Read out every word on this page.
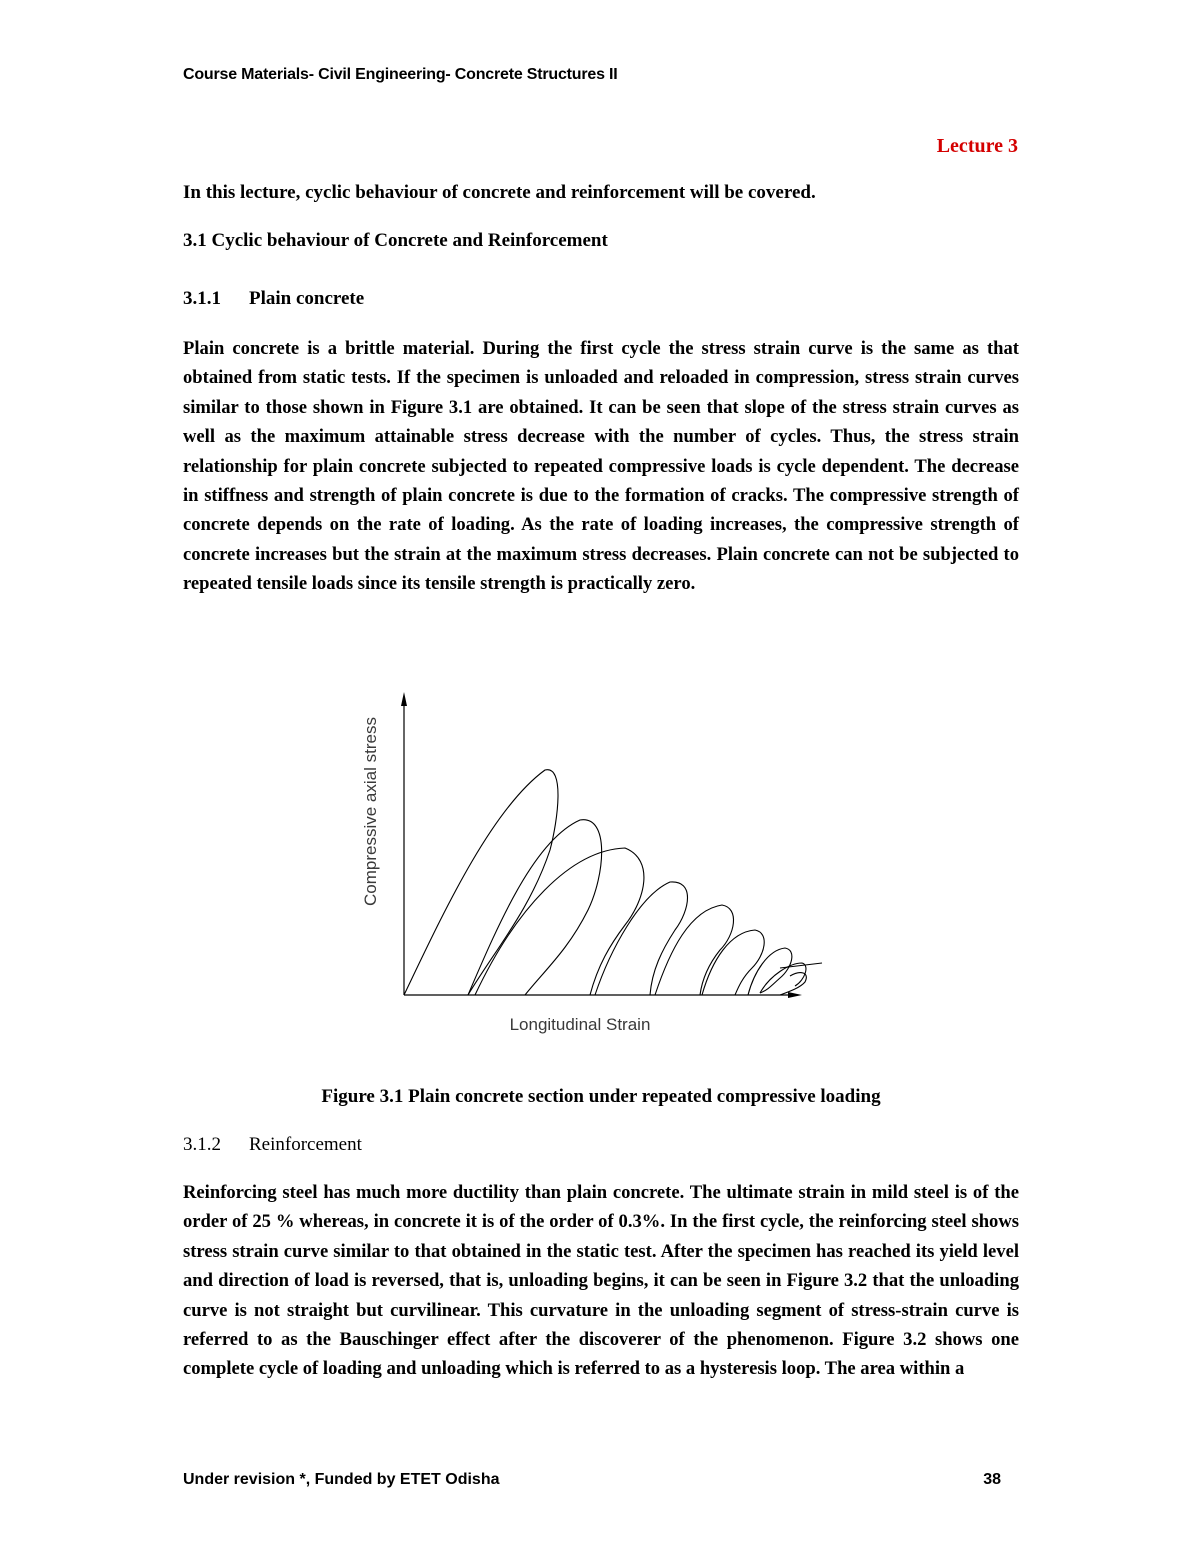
Course Materials- Civil Engineering- Concrete Structures II
Lecture 3
In this lecture, cyclic behaviour of concrete and reinforcement will be covered.
3.1 Cyclic behaviour of Concrete and Reinforcement
3.1.1 Plain concrete
Plain concrete is a brittle material. During the first cycle the stress strain curve is the same as that obtained from static tests. If the specimen is unloaded and reloaded in compression, stress strain curves similar to those shown in Figure 3.1 are obtained. It can be seen that slope of the stress strain curves as well as the maximum attainable stress decrease with the number of cycles. Thus, the stress strain relationship for plain concrete subjected to repeated compressive loads is cycle dependent. The decrease in stiffness and strength of plain concrete is due to the formation of cracks. The compressive strength of concrete depends on the rate of loading. As the rate of loading increases, the compressive strength of concrete increases but the strain at the maximum stress decreases. Plain concrete can not be subjected to repeated tensile loads since its tensile strength is practically zero.
Compressive axial stress
Longitudinal Strain
Figure 3.1 Plain concrete section under repeated compressive loading
3.1.2 Reinforcement
Reinforcing steel has much more ductility than plain concrete. The ultimate strain in mild steel is of the order of 25 % whereas, in concrete it is of the order of 0.3%. In the first cycle, the reinforcing steel shows stress strain curve similar to that obtained in the static test. After the specimen has reached its yield level and direction of load is reversed, that is, unloading begins, it can be seen in Figure 3.2 that the unloading curve is not straight but curvilinear. This curvature in the unloading segment of stress-strain curve is referred to as the Bauschinger effect after the discoverer of the phenomenon. Figure 3.2 shows one complete cycle of loading and unloading which is referred to as a hysteresis loop. The area within a
Under revision *, Funded by ETET Odisha	38
